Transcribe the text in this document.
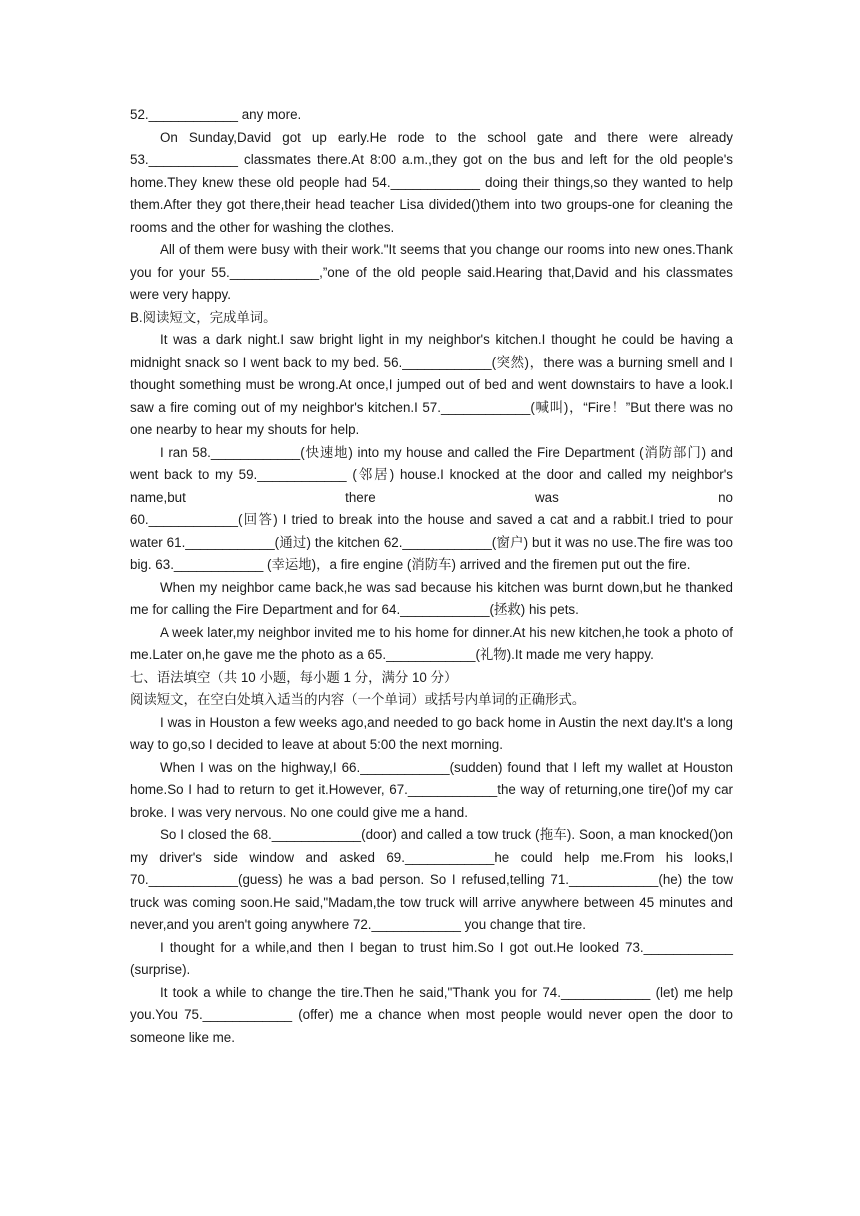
52.____________ any more.

On Sunday,David got up early.He rode to the school gate and there were already 53.____________ classmates there.At 8:00 a.m.,they got on the bus and left for the old people's home.They knew these old people had 54.____________ doing their things,so they wanted to help them.After they got there,their head teacher Lisa divided()them into two groups-one for cleaning the rooms and the other for washing the clothes.

All of them were busy with their work."It seems that you change our rooms into new ones.Thank you for your 55.____________,”one of the old people said.Hearing that,David and his classmates were very happy.

B.阅读短文，完成单词。

It was a dark night.I saw bright light in my neighbor's kitchen.I thought he could be having a midnight snack so I went back to my bed. 56.____________(突然)，there was a burning smell and I thought something must be wrong.At once,I jumped out of bed and went downstairs to have a look.I saw a fire coming out of my neighbor's kitchen.I 57.____________(喊叫)，“Fire！”But there was no one nearby to hear my shouts for help.

I ran 58.____________(快速地) into my house and called the Fire Department (消防部门) and went back to my 59.____________ (邻居) house.I knocked at the door and called my neighbor's name,but there was no

60.____________(回答) I tried to break into the house and saved a cat and a rabbit.I tried to pour water 61.____________(通过) the kitchen 62.____________(窗户) but it was no use.The fire was too big. 63.____________ (幸运地)，a fire engine (消防车) arrived and the firemen put out the fire.

When my neighbor came back,he was sad because his kitchen was burnt down,but he thanked me for calling the Fire Department and for 64.____________(拯救) his pets.

A week later,my neighbor invited me to his home for dinner.At his new kitchen,he took a photo of me.Later on,he gave me the photo as a 65.____________(礼物).It made me very happy.

七、语法填空（共 10 小题，每小题 1 分，满分 10 分）

阅读短文，在空白处填入适当的内容（一个单词）或括号内单词的正确形式。

I was in Houston a few weeks ago,and needed to go back home in Austin the next day.It's a long way to go,so I decided to leave at about 5:00 the next morning.

When I was on the highway,I 66.____________(sudden) found that I left my wallet at Houston home.So I had to return to get it.However, 67.____________the way of returning,one tire()of my car broke. I was very nervous. No one could give me a hand.

So I closed the 68.____________(door) and called a tow truck (拖车). Soon, a man knocked()on my driver's side window and asked 69.____________he could help me.From his looks,I 70.____________(guess) he was a bad person. So I refused,telling 71.____________(he) the tow truck was coming soon.He said,"Madam,the tow truck will arrive anywhere between 45 minutes and never,and you aren't going anywhere 72.____________ you change that tire.

I thought for a while,and then I began to trust him.So I got out.He looked 73.____________ (surprise).

It took a while to change the tire.Then he said,"Thank you for 74.____________ (let) me help you.You 75.____________ (offer) me a chance when most people would never open the door to someone like me.
